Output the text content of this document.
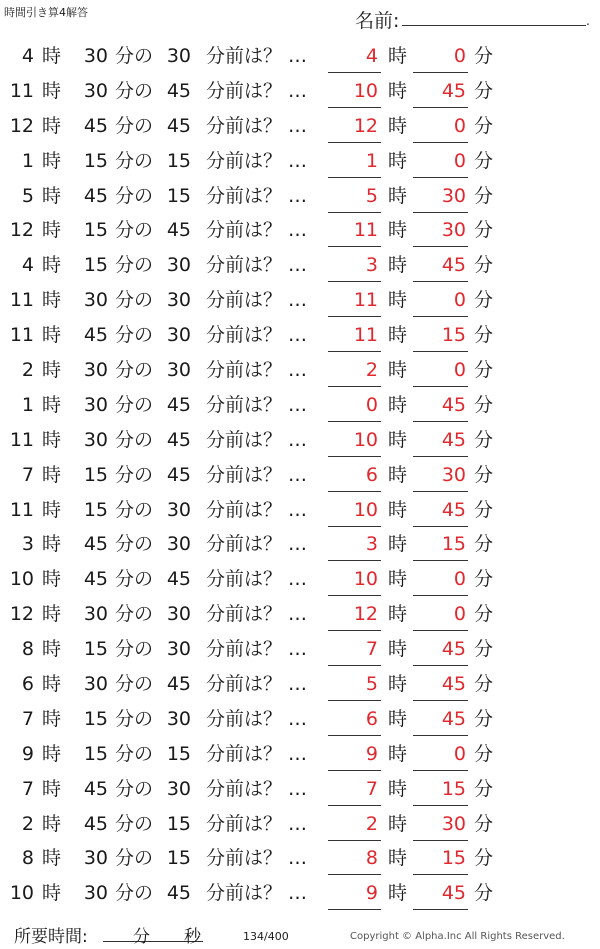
時間引き算4解答	名前:	.
4 時	30 分の 30 分前は？ …	4 時	0 分
11 時	30 分の 45 分前は？ …	10 時	45 分
12 時	45 分の 45 分前は？ …	12 時	0 分
1 時	15 分の 15 分前は？ …	1 時	0 分
5 時	45 分の 15 分前は？ …	5 時	30 分
12 時	15 分の 45 分前は？ …	11 時	30 分
4 時	15 分の 30 分前は？ …	3 時	45 分
11 時	30 分の 30 分前は？ …	11 時	0 分
11 時	45 分の 30 分前は？ …	11 時	15 分
2 時	30 分の 30 分前は？ …	2 時	0 分
1 時	30 分の 45 分前は？ …	0 時	45 分
11 時	30 分の 45 分前は？ …	10 時	45 分
7 時	15 分の 45 分前は？ …	6 時	30 分
11 時	15 分の 30 分前は？ …	10 時	45 分
3 時	45 分の 30 分前は？ …	3 時	15 分
10 時	45 分の 45 分前は？ …	10 時	0 分
12 時	30 分の 30 分前は？ …	12 時	0 分
8 時	15 分の 30 分前は？ …	7 時	45 分
6 時	30 分の 45 分前は？ …	5 時	45 分
7 時	15 分の 30 分前は？ …	6 時	45 分
9 時	15 分の 15 分前は？ …	9 時	0 分
7 時	45 分の 30 分前は？ …	7 時	15 分
2 時	45 分の 15 分前は？ …	2 時	30 分
8 時	30 分の 15 分前は？ …	8 時	15 分
10 時	30 分の 45 分前は？ …	9 時	45 分
所要時間:	分 秒	134/400	Copyright © Alpha.Inc All Rights Reserved.
